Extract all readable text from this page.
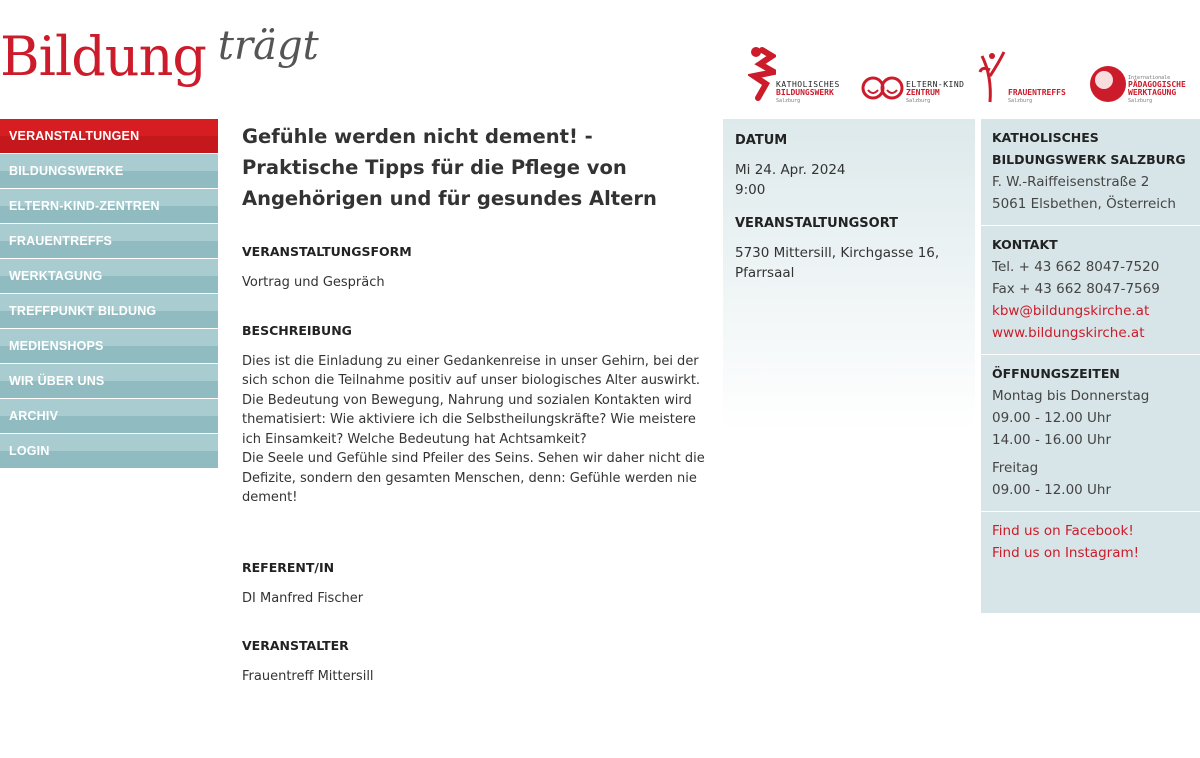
Bildung trägt
KATHOLISCHES
BILDUNGSWERK
Salzburg
ELTERN-KIND
ZENTRUM
Salzburg
FRAUENTREFFS
Salzburg
Internationale
PÄDAGOGISCHE WERKTAGUNG
Salzburg
VERANSTALTUNGEN
BILDUNGSWERKE
ELTERN-KIND-ZENTREN
FRAUENTREFFS
WERKTAGUNG
TREFFPUNKT BILDUNG
MEDIENSHOPS
WIR ÜBER UNS
ARCHIV
LOGIN
Gefühle werden nicht dement! - Praktische Tipps für die Pflege von Angehörigen und für gesundes Altern
VERANSTALTUNGSFORM

Vortrag und Gespräch

BESCHREIBUNG

Dies ist die Einladung zu einer Gedankenreise in unser Gehirn, bei der sich schon die Teilnahme positiv auf unser biologisches Alter auswirkt. Die Bedeutung von Bewegung, Nahrung und sozialen Kontakten wird thematisiert: Wie aktiviere ich die Selbstheilungskräfte? Wie meistere ich Einsamkeit? Welche Bedeutung hat Achtsamkeit?

Die Seele und Gefühle sind Pfeiler des Seins. Sehen wir daher nicht die Defizite, sondern den gesamten Menschen, denn: Gefühle werden nie dement!

REFERENT/IN

DI Manfred Fischer

VERANSTALTER

Frauentreff Mittersill

DATUM
Mi 24. Apr. 2024
9:00
VERANSTALTUNGSORT
5730 Mittersill, Kirchgasse 16, Pfarrsaal
KATHOLISCHES
BILDUNGSWERK SALZBURG
F. W.-Raiffeisenstraße 2
5061 Elsbethen, Österreich
KONTAKT
Tel. + 43 662 8047-7520
Fax + 43 662 8047-7569
kbw@bildungskirche.at
www.bildungskirche.at
ÖFFNUNGSZEITEN
Montag bis Donnerstag
09.00 - 12.00 Uhr
14.00 - 16.00 Uhr
Freitag
09.00 - 12.00 Uhr
Find us on Facebook!
Find us on Instagram!
